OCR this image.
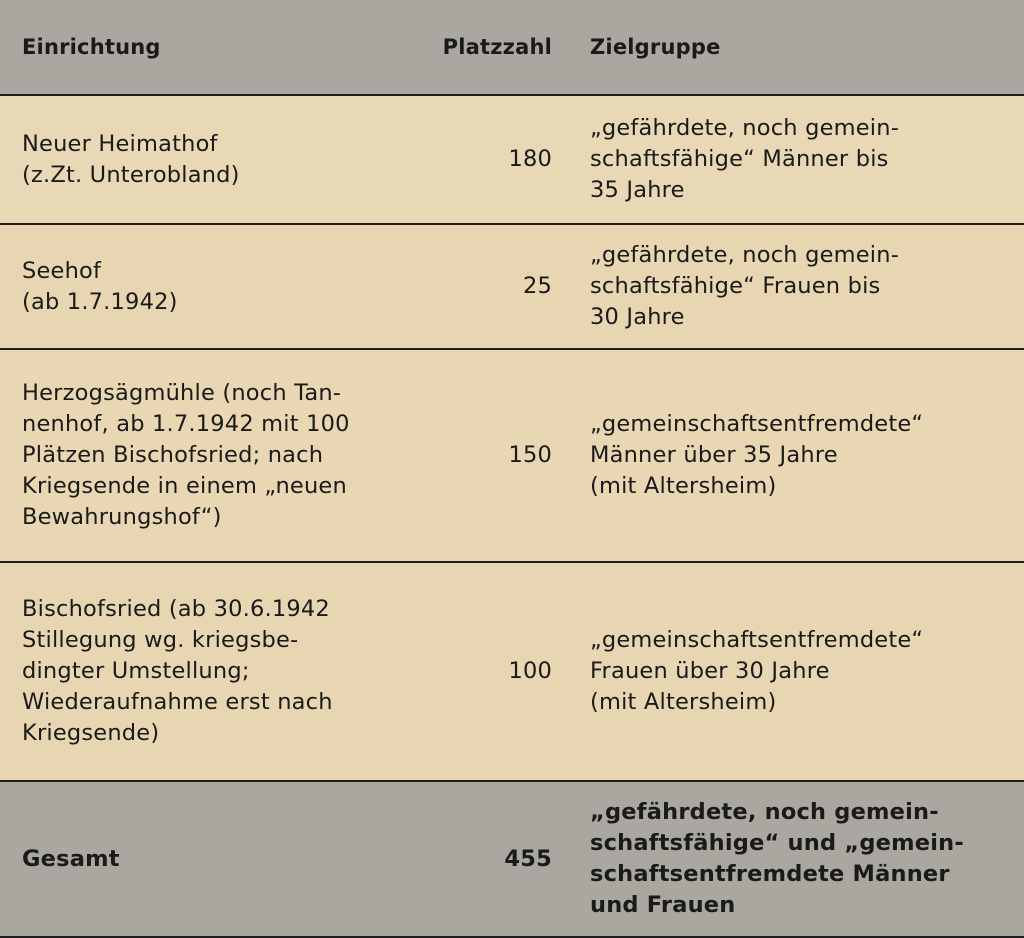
Einrichtung	Platzzahl Zielgruppe
Neuer Heimathof
(z.Zt. Unterobland)
180
„gefährdete, noch gemein-
schaftsfähige“ Männer bis
35 Jahre
Seehof
(ab 1.7.1942)
25
„gefährdete, noch gemein-
schaftsfähige“ Frauen bis
30 Jahre
Herzogsägmühle (noch Tan-
nenhof, ab 1.7.1942 mit 100
Plätzen Bischofsried; nach
Kriegsende in einem „neuen
Bewahrungshof“)
150
„gemeinschaftsentfremdete“
Männer über 35 Jahre
(mit Altersheim)
Bischofsried (ab 30.6.1942
Stillegung wg. kriegsbe-
dingter Umstellung;
Wiederaufnahme erst nach
Kriegsende)
100
„gemeinschaftsentfremdete“
Frauen über 30 Jahre
(mit Altersheim)
Gesamt	455
„gefährdete, noch gemein-
schaftsfähige“ und „gemein-
schaftsentfremdete Männer
und Frauen
